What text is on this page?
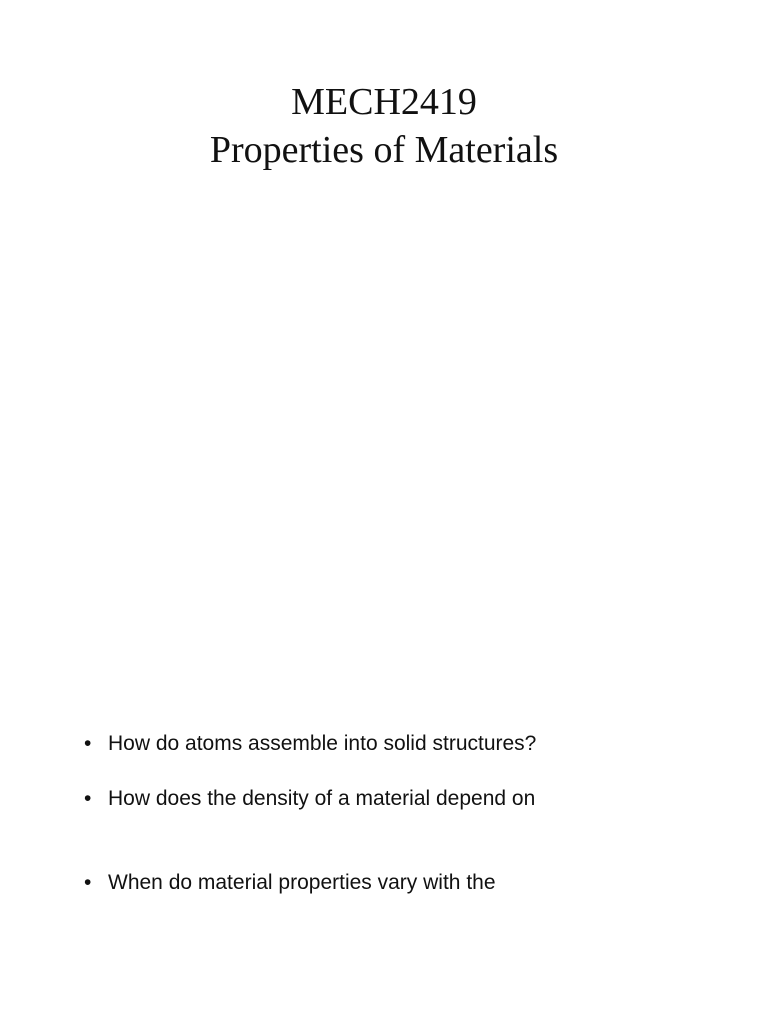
MECH2419
Properties of Materials
• How do atoms assemble into solid structures?
• How does the density of a material depend on
• When do material properties vary with the
